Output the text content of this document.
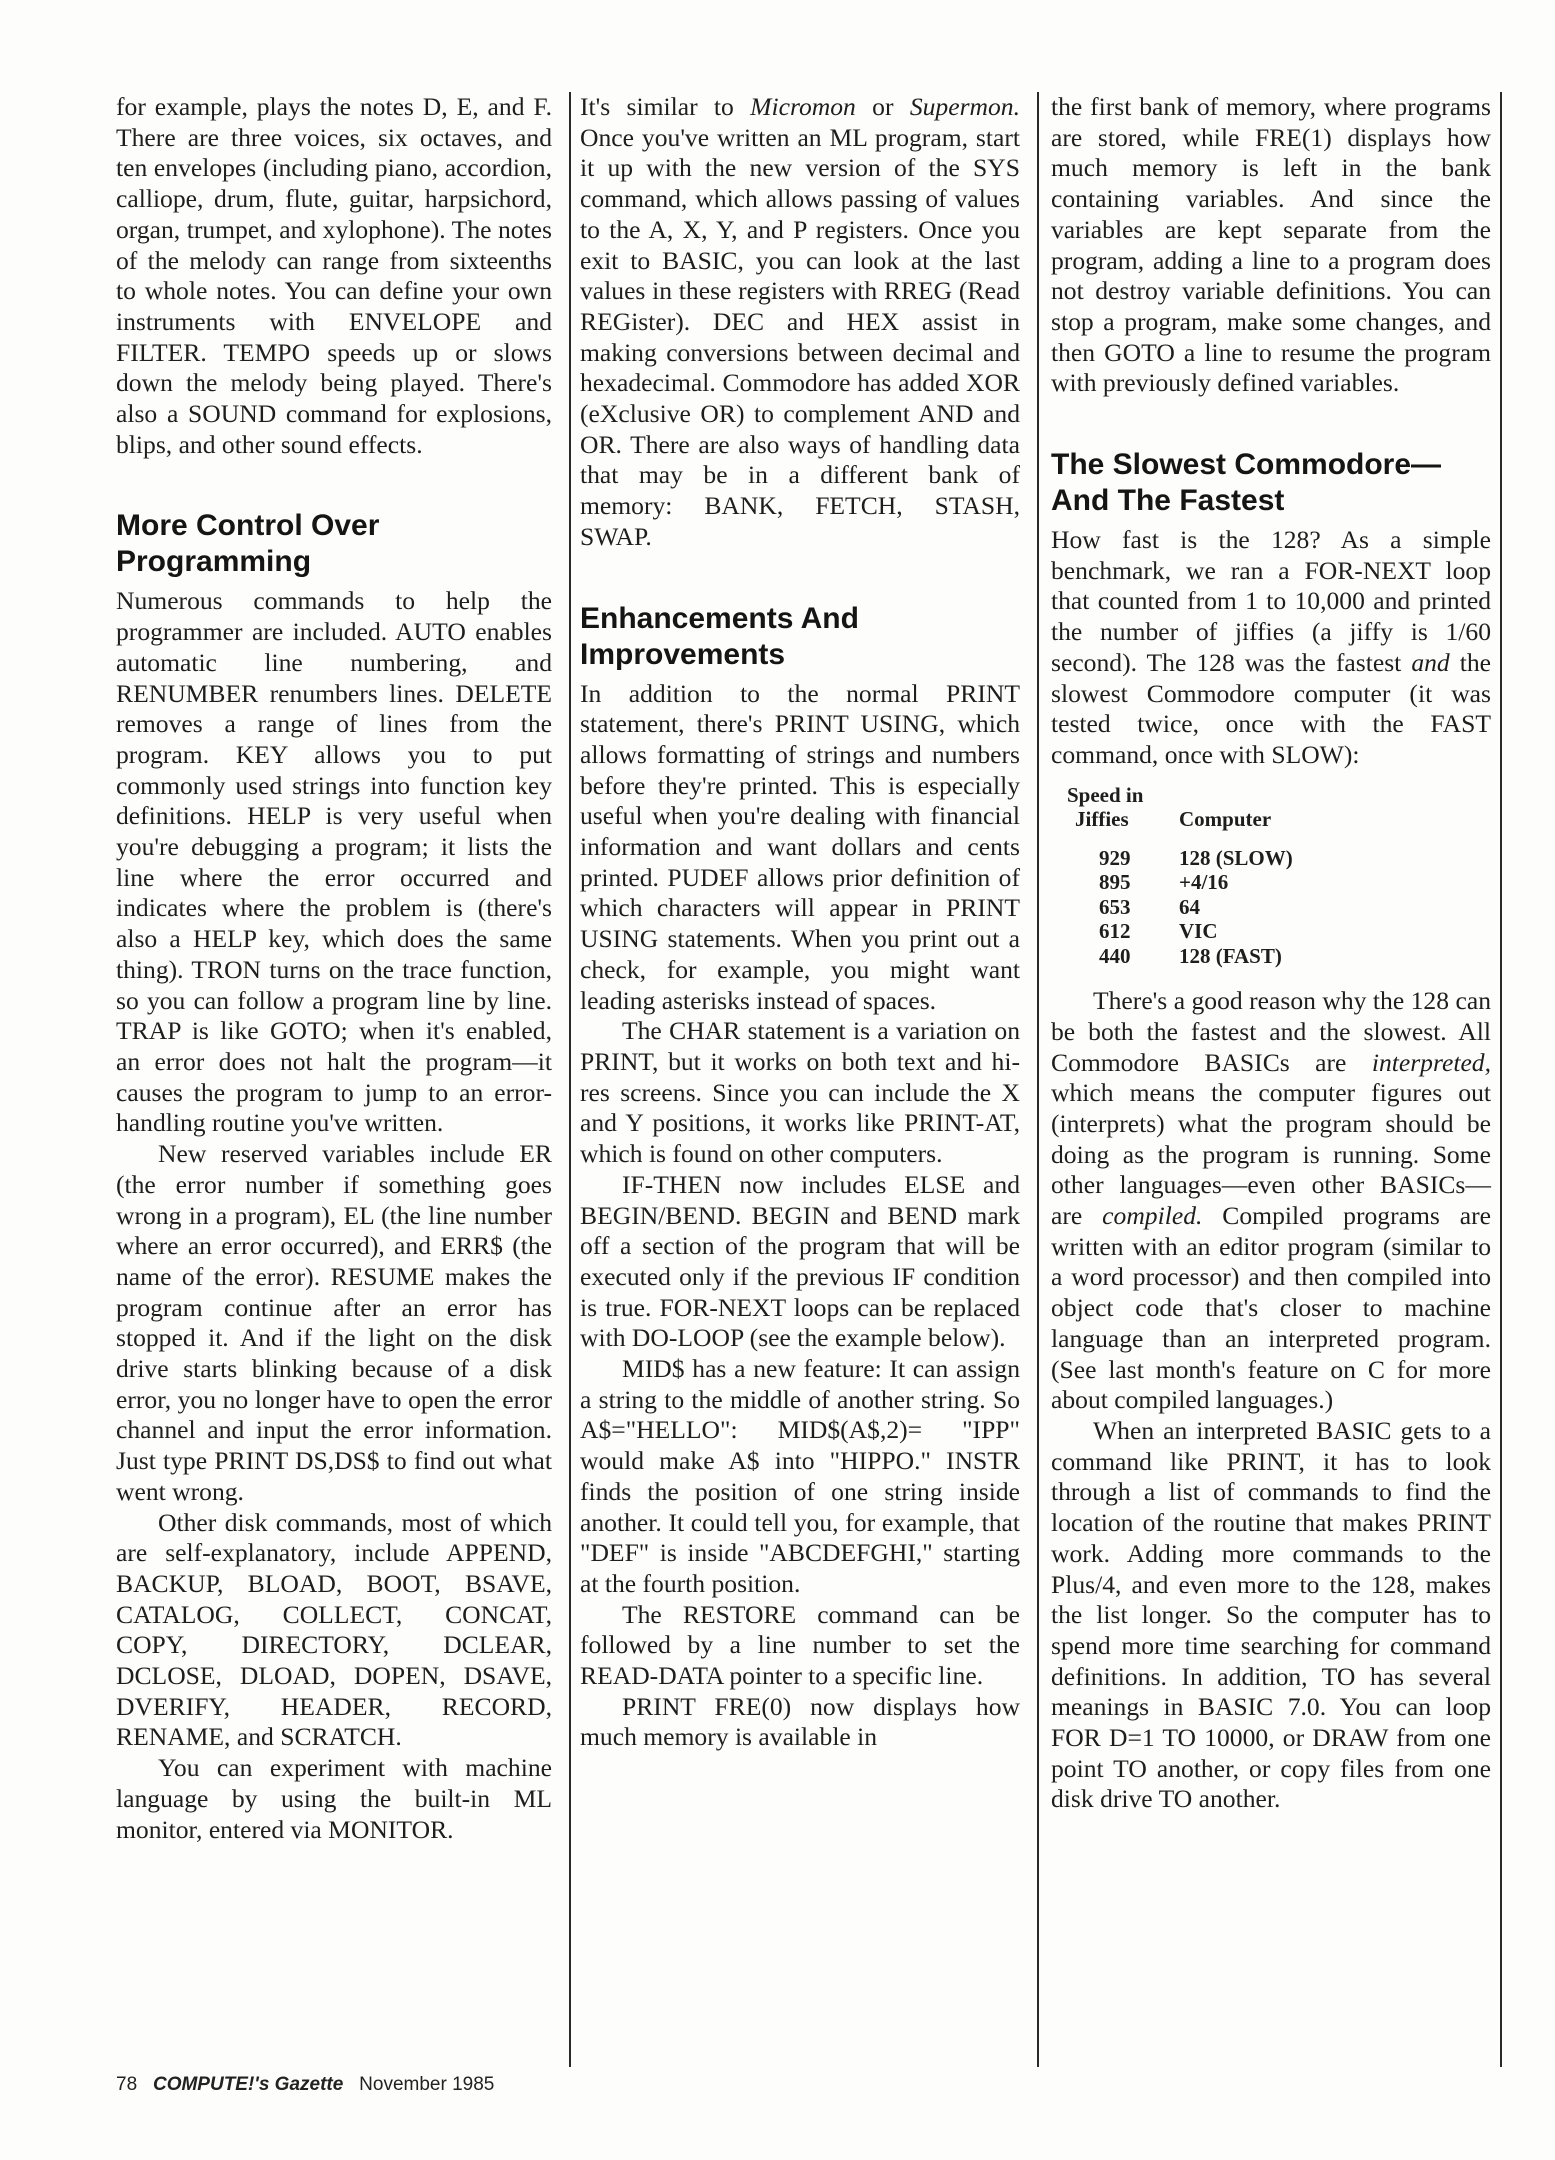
for example, plays the notes D, E, and F. There are three voices, six octaves, and ten envelopes (including piano, accordion, calliope, drum, flute, guitar, harpsichord, organ, trumpet, and xylophone). The notes of the melody can range from sixteenths to whole notes. You can define your own instruments with ENVELOPE and FILTER. TEMPO speeds up or slows down the melody being played. There's also a SOUND command for explosions, blips, and other sound effects.

More Control Over Programming

Numerous commands to help the programmer are included. AUTO enables automatic line numbering, and RENUMBER renumbers lines. DELETE removes a range of lines from the program. KEY allows you to put commonly used strings into function key definitions. HELP is very useful when you're debugging a program; it lists the line where the error occurred and indicates where the problem is (there's also a HELP key, which does the same thing). TRON turns on the trace function, so you can follow a program line by line. TRAP is like GOTO; when it's enabled, an error does not halt the program—it causes the program to jump to an error-handling routine you've written.

New reserved variables include ER (the error number if something goes wrong in a program), EL (the line number where an error occurred), and ERR$ (the name of the error). RESUME makes the program continue after an error has stopped it. And if the light on the disk drive starts blinking because of a disk error, you no longer have to open the error channel and input the error information. Just type PRINT DS,DS$ to find out what went wrong.

Other disk commands, most of which are self-explanatory, include APPEND, BACKUP, BLOAD, BOOT, BSAVE, CATALOG, COLLECT, CONCAT, COPY, DIRECTORY, DCLEAR, DCLOSE, DLOAD, DOPEN, DSAVE, DVERIFY, HEADER, RECORD, RENAME, and SCRATCH.

You can experiment with machine language by using the built-in ML monitor, entered via MONITOR.

It's similar to Micromon or Supermon. Once you've written an ML program, start it up with the new version of the SYS command, which allows passing of values to the A, X, Y, and P registers. Once you exit to BASIC, you can look at the last values in these registers with RREG (Read REGister). DEC and HEX assist in making conversions between decimal and hexadecimal. Commodore has added XOR (eXclusive OR) to complement AND and OR. There are also ways of handling data that may be in a different bank of memory: BANK, FETCH, STASH, SWAP.

Enhancements And Improvements

In addition to the normal PRINT statement, there's PRINT USING, which allows formatting of strings and numbers before they're printed. This is especially useful when you're dealing with financial information and want dollars and cents printed. PUDEF allows prior definition of which characters will appear in PRINT USING statements. When you print out a check, for example, you might want leading asterisks instead of spaces.

The CHAR statement is a variation on PRINT, but it works on both text and hi-res screens. Since you can include the X and Y positions, it works like PRINT-AT, which is found on other computers.

IF-THEN now includes ELSE and BEGIN/BEND. BEGIN and BEND mark off a section of the program that will be executed only if the previous IF condition is true. FOR-NEXT loops can be replaced with DO-LOOP (see the example below).

MID$ has a new feature: It can assign a string to the middle of another string. So A$="HELLO": MID$(A$,2)= "IPP" would make A$ into "HIPPO." INSTR finds the position of one string inside another. It could tell you, for example, that "DEF" is inside "ABCDEFGHI," starting at the fourth position.

The RESTORE command can be followed by a line number to set the READ-DATA pointer to a specific line.

PRINT FRE(0) now displays how much memory is available in

the first bank of memory, where programs are stored, while FRE(1) displays how much memory is left in the bank containing variables. And since the variables are kept separate from the program, adding a line to a program does not destroy variable definitions. You can stop a program, make some changes, and then GOTO a line to resume the program with previously defined variables.

The Slowest Commodore—And The Fastest

How fast is the 128? As a simple benchmark, we ran a FOR-NEXT loop that counted from 1 to 10,000 and printed the number of jiffies (a jiffy is 1/60 second). The 128 was the fastest and the slowest Commodore computer (it was tested twice, once with the FAST command, once with SLOW):

Speed in
Jiffies	Computer
929	128 (SLOW)
895	+4/16
653	64
612	VIC
440	128 (FAST)

There's a good reason why the 128 can be both the fastest and the slowest. All Commodore BASICs are interpreted, which means the computer figures out (interprets) what the program should be doing as the program is running. Some other languages—even other BASICs—are compiled. Compiled programs are written with an editor program (similar to a word processor) and then compiled into object code that's closer to machine language than an interpreted program. (See last month's feature on C for more about compiled languages.)

When an interpreted BASIC gets to a command like PRINT, it has to look through a list of commands to find the location of the routine that makes PRINT work. Adding more commands to the Plus/4, and even more to the 128, makes the list longer. So the computer has to spend more time searching for command definitions. In addition, TO has several meanings in BASIC 7.0. You can loop FOR D=1 TO 10000, or DRAW from one point TO another, or copy files from one disk drive TO another.

78 COMPUTE!'s Gazette November 1985
